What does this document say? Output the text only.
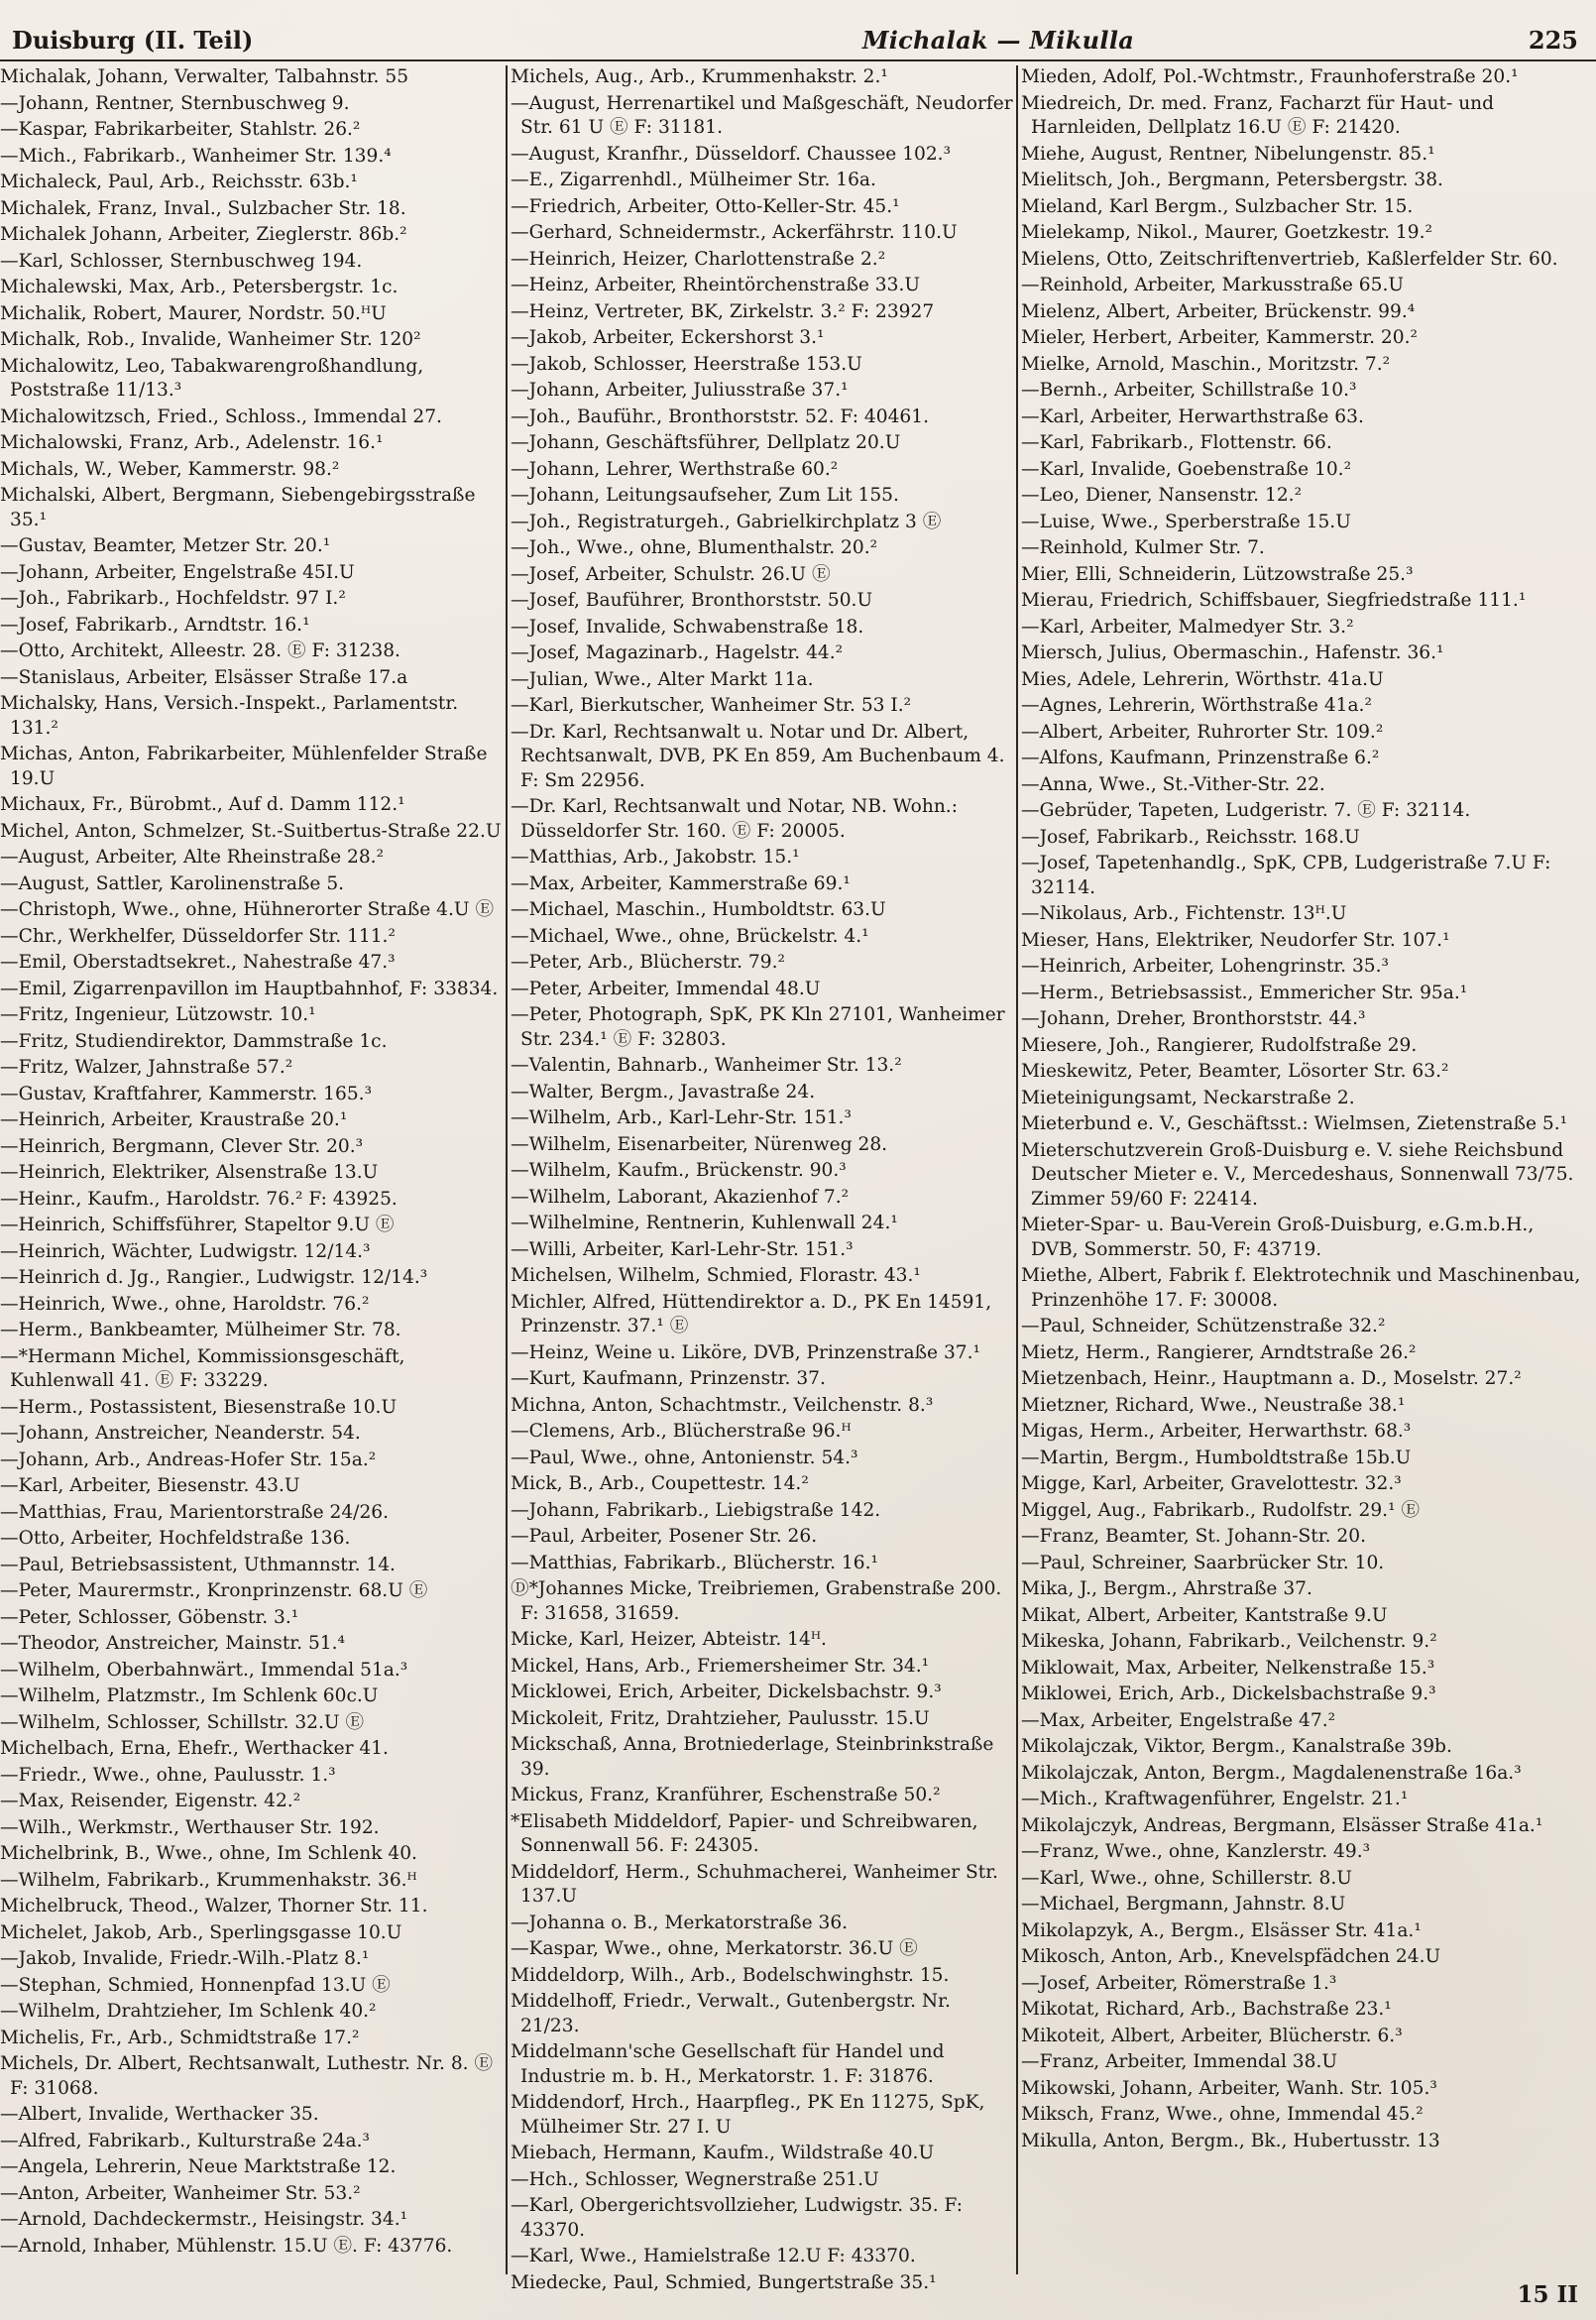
Duisburg (II. Teil)	Michalak — Mikulla	225
Michalak, Johann, Verwalter, Talbahnstr. 55
—Johann, Rentner, Sternbuschweg 9.
—Kaspar, Fabrikarbeiter, Stahlstr. 26.²
—Mich., Fabrikarb., Wanheimer Str. 139.⁴
Michaleck, Paul, Arb., Reichsstr. 63b.¹
Michalek, Franz, Inval., Sulzbacher Str. 18.
Michalek Johann, Arbeiter, Zieglerstr. 86b.²
—Karl, Schlosser, Sternbuschweg 194.
Michalewski, Max, Arb., Petersbergstr. 1c.
Michalik, Robert, Maurer, Nordstr. 50.ᴴU
Michalk, Rob., Invalide, Wanheimer Str. 120²
Michalowitz, Leo, Tabakwarengroßhandlung, Poststraße 11/13.³
Michalowitzsch, Fried., Schloss., Immendal 27.
Michalowski, Franz, Arb., Adelenstr. 16.¹
Michals, W., Weber, Kammerstr. 98.²
Michalski, Albert, Bergmann, Siebengebirgsstraße 35.¹
—Gustav, Beamter, Metzer Str. 20.¹
—Johann, Arbeiter, Engelstraße 45I.U
—Joh., Fabrikarb., Hochfeldstr. 97 I.²
—Josef, Fabrikarb., Arndtstr. 16.¹
—Otto, Architekt, Alleestr. 28. Ⓔ F: 31238.
—Stanislaus, Arbeiter, Elsässer Straße 17.a
Michalsky, Hans, Versich.-Inspekt., Parlamentstr. 131.²
Michas, Anton, Fabrikarbeiter, Mühlenfelder Straße 19.U
Michaux, Fr., Bürobmt., Auf d. Damm 112.¹
Michel, Anton, Schmelzer, St.-Suitbertus-Straße 22.U
—August, Arbeiter, Alte Rheinstraße 28.²
—August, Sattler, Karolinenstraße 5.
—Christoph, Wwe., ohne, Hühnerorter Straße 4.U Ⓔ
—Chr., Werkhelfer, Düsseldorfer Str. 111.²
—Emil, Oberstadtsekret., Nahestraße 47.³
—Emil, Zigarrenpavillon im Hauptbahnhof, F: 33834.
—Fritz, Ingenieur, Lützowstr. 10.¹
—Fritz, Studiendirektor, Dammstraße 1c.
—Fritz, Walzer, Jahnstraße 57.²
—Gustav, Kraftfahrer, Kammerstr. 165.³
—Heinrich, Arbeiter, Kraustraße 20.¹
—Heinrich, Bergmann, Clever Str. 20.³
—Heinrich, Elektriker, Alsenstraße 13.U
—Heinr., Kaufm., Haroldstr. 76.² F: 43925.
—Heinrich, Schiffsführer, Stapeltor 9.U Ⓔ
—Heinrich, Wächter, Ludwigstr. 12/14.³
—Heinrich d. Jg., Rangier., Ludwigstr. 12/14.³
—Heinrich, Wwe., ohne, Haroldstr. 76.²
—Herm., Bankbeamter, Mülheimer Str. 78.
—*Hermann Michel, Kommissionsgeschäft, Kuhlenwall 41. Ⓔ F: 33229.
—Herm., Postassistent, Biesenstraße 10.U
—Johann, Anstreicher, Neanderstr. 54.
—Johann, Arb., Andreas-Hofer Str. 15a.²
—Karl, Arbeiter, Biesenstr. 43.U
—Matthias, Frau, Marientorstraße 24/26.
—Otto, Arbeiter, Hochfeldstraße 136.
—Paul, Betriebsassistent, Uthmannstr. 14.
—Peter, Maurermstr., Kronprinzenstr. 68.U Ⓔ
—Peter, Schlosser, Göbenstr. 3.¹
—Theodor, Anstreicher, Mainstr. 51.⁴
—Wilhelm, Oberbahnwärt., Immendal 51a.³
—Wilhelm, Platzmstr., Im Schlenk 60c.U
—Wilhelm, Schlosser, Schillstr. 32.U Ⓔ
Michelbach, Erna, Ehefr., Werthacker 41.
—Friedr., Wwe., ohne, Paulusstr. 1.³
—Max, Reisender, Eigenstr. 42.²
—Wilh., Werkmstr., Werthauser Str. 192.
Michelbrink, B., Wwe., ohne, Im Schlenk 40.
—Wilhelm, Fabrikarb., Krummenhakstr. 36.ᴴ
Michelbruck, Theod., Walzer, Thorner Str. 11.
Michelet, Jakob, Arb., Sperlingsgasse 10.U
—Jakob, Invalide, Friedr.-Wilh.-Platz 8.¹
—Stephan, Schmied, Honnenpfad 13.U Ⓔ
—Wilhelm, Drahtzieher, Im Schlenk 40.²
Michelis, Fr., Arb., Schmidtstraße 17.²
Michels, Dr. Albert, Rechtsanwalt, Luthestr. Nr. 8. Ⓔ F: 31068.
—Albert, Invalide, Werthacker 35.
—Alfred, Fabrikarb., Kulturstraße 24a.³
—Angela, Lehrerin, Neue Marktstraße 12.
—Anton, Arbeiter, Wanheimer Str. 53.²
—Arnold, Dachdeckermstr., Heisingstr. 34.¹
—Arnold, Inhaber, Mühlenstr. 15.U Ⓔ. F: 43776.
Michels, Aug., Arb., Krummenhakstr. 2.¹
—August, Herrenartikel und Maßgeschäft, Neudorfer Str. 61 U Ⓔ F: 31181.
—August, Kranfhr., Düsseldorf. Chaussee 102.³
—E., Zigarrenhdl., Mülheimer Str. 16a.
—Friedrich, Arbeiter, Otto-Keller-Str. 45.¹
—Gerhard, Schneidermstr., Ackerfährstr. 110.U
—Heinrich, Heizer, Charlottenstraße 2.²
—Heinz, Arbeiter, Rheintörchenstraße 33.U
—Heinz, Vertreter, BK, Zirkelstr. 3.² F: 23927
—Jakob, Arbeiter, Eckershorst 3.¹
—Jakob, Schlosser, Heerstraße 153.U
—Johann, Arbeiter, Juliusstraße 37.¹
—Joh., Bauführ., Bronthorststr. 52. F: 40461.
—Johann, Geschäftsführer, Dellplatz 20.U
—Johann, Lehrer, Werthstraße 60.²
—Johann, Leitungsaufseher, Zum Lit 155.
—Joh., Registraturgeh., Gabrielkirchplatz 3 Ⓔ
—Joh., Wwe., ohne, Blumenthalstr. 20.²
—Josef, Arbeiter, Schulstr. 26.U Ⓔ
—Josef, Bauführer, Bronthorststr. 50.U
—Josef, Invalide, Schwabenstraße 18.
—Josef, Magazinarb., Hagelstr. 44.²
—Julian, Wwe., Alter Markt 11a.
—Karl, Bierkutscher, Wanheimer Str. 53 I.²
—Dr. Karl, Rechtsanwalt u. Notar und Dr. Albert, Rechtsanwalt, DVB, PK En 859, Am Buchenbaum 4. F: Sm 22956.
—Dr. Karl, Rechtsanwalt und Notar, NB. Wohn.: Düsseldorfer Str. 160. Ⓔ F: 20005.
—Matthias, Arb., Jakobstr. 15.¹
—Max, Arbeiter, Kammerstraße 69.¹
—Michael, Maschin., Humboldtstr. 63.U
—Michael, Wwe., ohne, Brückelstr. 4.¹
—Peter, Arb., Blücherstr. 79.²
—Peter, Arbeiter, Immendal 48.U
—Peter, Photograph, SpK, PK Kln 27101, Wanheimer Str. 234.¹ Ⓔ F: 32803.
—Valentin, Bahnarb., Wanheimer Str. 13.²
—Walter, Bergm., Javastraße 24.
—Wilhelm, Arb., Karl-Lehr-Str. 151.³
—Wilhelm, Eisenarbeiter, Nürenweg 28.
—Wilhelm, Kaufm., Brückenstr. 90.³
—Wilhelm, Laborant, Akazienhof 7.²
—Wilhelmine, Rentnerin, Kuhlenwall 24.¹
—Willi, Arbeiter, Karl-Lehr-Str. 151.³
Michelsen, Wilhelm, Schmied, Florastr. 43.¹
Michler, Alfred, Hüttendirektor a. D., PK En 14591, Prinzenstr. 37.¹ Ⓔ
—Heinz, Weine u. Liköre, DVB, Prinzenstraße 37.¹
—Kurt, Kaufmann, Prinzenstr. 37.
Michna, Anton, Schachtmstr., Veilchenstr. 8.³
—Clemens, Arb., Blücherstraße 96.ᴴ
—Paul, Wwe., ohne, Antonienstr. 54.³
Mick, B., Arb., Coupettestr. 14.²
—Johann, Fabrikarb., Liebigstraße 142.
—Paul, Arbeiter, Posener Str. 26.
—Matthias, Fabrikarb., Blücherstr. 16.¹
Ⓓ*Johannes Micke, Treibriemen, Grabenstraße 200. F: 31658, 31659.
Micke, Karl, Heizer, Abteistr. 14ᴴ.
Mickel, Hans, Arb., Friemersheimer Str. 34.¹
Micklowei, Erich, Arbeiter, Dickelsbachstr. 9.³
Mickoleit, Fritz, Drahtzieher, Paulusstr. 15.U
Mickschaß, Anna, Brotniederlage, Steinbrinkstraße 39.
Mickus, Franz, Kranführer, Eschenstraße 50.²
*Elisabeth Middeldorf, Papier- und Schreibwaren, Sonnenwall 56. F: 24305.
Middeldorf, Herm., Schuhmacherei, Wanheimer Str. 137.U
—Johanna o. B., Merkatorstraße 36.
—Kaspar, Wwe., ohne, Merkatorstr. 36.U Ⓔ
Middeldorp, Wilh., Arb., Bodelschwinghstr. 15.
Middelhoff, Friedr., Verwalt., Gutenbergstr. Nr. 21/23.
Middelmann'sche Gesellschaft für Handel und Industrie m. b. H., Merkatorstr. 1. F: 31876.
Middendorf, Hrch., Haarpfleg., PK En 11275, SpK, Mülheimer Str. 27 I. U
Miebach, Hermann, Kaufm., Wildstraße 40.U
—Hch., Schlosser, Wegnerstraße 251.U
—Karl, Obergerichtsvollzieher, Ludwigstr. 35. F: 43370.
—Karl, Wwe., Hamielstraße 12.U F: 43370.
Miedecke, Paul, Schmied, Bungertstraße 35.¹
Mieden, Adolf, Pol.-Wchtmstr., Fraunhoferstraße 20.¹
Miedreich, Dr. med. Franz, Facharzt für Haut- und Harnleiden, Dellplatz 16.U Ⓔ F: 21420.
Miehe, August, Rentner, Nibelungenstr. 85.¹
Mielitsch, Joh., Bergmann, Petersbergstr. 38.
Mieland, Karl Bergm., Sulzbacher Str. 15.
Mielekamp, Nikol., Maurer, Goetzkestr. 19.²
Mielens, Otto, Zeitschriftenvertrieb, Kaßlerfelder Str. 60.
—Reinhold, Arbeiter, Markusstraße 65.U
Mielenz, Albert, Arbeiter, Brückenstr. 99.⁴
Mieler, Herbert, Arbeiter, Kammerstr. 20.²
Mielke, Arnold, Maschin., Moritzstr. 7.²
—Bernh., Arbeiter, Schillstraße 10.³
—Karl, Arbeiter, Herwarthstraße 63.
—Karl, Fabrikarb., Flottenstr. 66.
—Karl, Invalide, Goebenstraße 10.²
—Leo, Diener, Nansenstr. 12.²
—Luise, Wwe., Sperberstraße 15.U
—Reinhold, Kulmer Str. 7.
Mier, Elli, Schneiderin, Lützowstraße 25.³
Mierau, Friedrich, Schiffsbauer, Siegfriedstraße 111.¹
—Karl, Arbeiter, Malmedyer Str. 3.²
Miersch, Julius, Obermaschin., Hafenstr. 36.¹
Mies, Adele, Lehrerin, Wörthstr. 41a.U
—Agnes, Lehrerin, Wörthstraße 41a.²
—Albert, Arbeiter, Ruhrorter Str. 109.²
—Alfons, Kaufmann, Prinzenstraße 6.²
—Anna, Wwe., St.-Vither-Str. 22.
—Gebrüder, Tapeten, Ludgeristr. 7. Ⓔ F: 32114.
—Josef, Fabrikarb., Reichsstr. 168.U
—Josef, Tapetenhandlg., SpK, CPB, Ludgeristraße 7.U F: 32114.
—Nikolaus, Arb., Fichtenstr. 13ᴴ.U
Mieser, Hans, Elektriker, Neudorfer Str. 107.¹
—Heinrich, Arbeiter, Lohengrinstr. 35.³
—Herm., Betriebsassist., Emmericher Str. 95a.¹
—Johann, Dreher, Bronthorststr. 44.³
Miesere, Joh., Rangierer, Rudolfstraße 29.
Mieskewitz, Peter, Beamter, Lösorter Str. 63.²
Mieteinigungsamt, Neckarstraße 2.
Mieterbund e. V., Geschäftsst.: Wielmsen, Zietenstraße 5.¹
Mieterschutzverein Groß-Duisburg e. V. siehe Reichsbund Deutscher Mieter e. V., Mercedeshaus, Sonnenwall 73/75. Zimmer 59/60 F: 22414.
Mieter-Spar- u. Bau-Verein Groß-Duisburg, e.G.m.b.H., DVB, Sommerstr. 50, F: 43719.
Miethe, Albert, Fabrik f. Elektrotechnik und Maschinenbau, Prinzenhöhe 17. F: 30008.
—Paul, Schneider, Schützenstraße 32.²
Mietz, Herm., Rangierer, Arndtstraße 26.²
Mietzenbach, Heinr., Hauptmann a. D., Moselstr. 27.²
Mietzner, Richard, Wwe., Neustraße 38.¹
Migas, Herm., Arbeiter, Herwarthstr. 68.³
—Martin, Bergm., Humboldtstraße 15b.U
Migge, Karl, Arbeiter, Gravelottestr. 32.³
Miggel, Aug., Fabrikarb., Rudolfstr. 29.¹ Ⓔ
—Franz, Beamter, St. Johann-Str. 20.
—Paul, Schreiner, Saarbrücker Str. 10.
Mika, J., Bergm., Ahrstraße 37.
Mikat, Albert, Arbeiter, Kantstraße 9.U
Mikeska, Johann, Fabrikarb., Veilchenstr. 9.²
Miklowait, Max, Arbeiter, Nelkenstraße 15.³
Miklowei, Erich, Arb., Dickelsbachstraße 9.³
—Max, Arbeiter, Engelstraße 47.²
Mikolajczak, Viktor, Bergm., Kanalstraße 39b.
Mikolajczak, Anton, Bergm., Magdalenenstraße 16a.³
—Mich., Kraftwagenführer, Engelstr. 21.¹
Mikolajczyk, Andreas, Bergmann, Elsässer Straße 41a.¹
—Franz, Wwe., ohne, Kanzlerstr. 49.³
—Karl, Wwe., ohne, Schillerstr. 8.U
—Michael, Bergmann, Jahnstr. 8.U
Mikolapzyk, A., Bergm., Elsässer Str. 41a.¹
Mikosch, Anton, Arb., Knevelspfädchen 24.U
—Josef, Arbeiter, Römerstraße 1.³
Mikotat, Richard, Arb., Bachstraße 23.¹
Mikoteit, Albert, Arbeiter, Blücherstr. 6.³
—Franz, Arbeiter, Immendal 38.U
Mikowski, Johann, Arbeiter, Wanh. Str. 105.³
Miksch, Franz, Wwe., ohne, Immendal 45.²
Mikulla, Anton, Bergm., Bk., Hubertusstr. 13
15 II
